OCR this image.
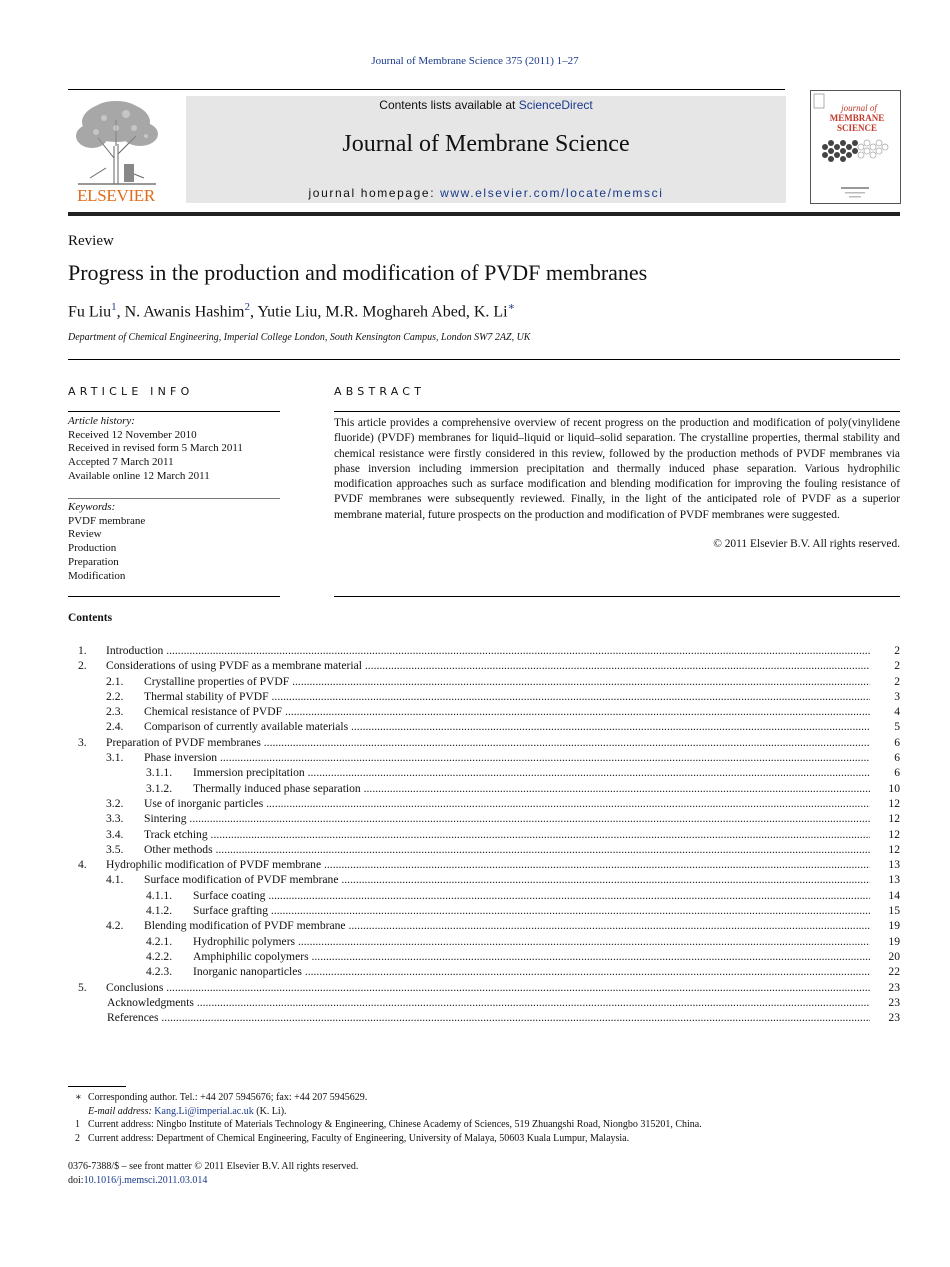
Journal of Membrane Science 375 (2011) 1–27
ELSEVIER
Contents lists available at ScienceDirect
Journal of Membrane Science
journal homepage: www.elsevier.com/locate/memsci
journal of
MEMBRANE
SCIENCE
Review
Progress in the production and modification of PVDF membranes
Fu Liu$^1$, N. Awanis Hashim$^2$, Yutie Liu, M.R. Moghareh Abed, K. Li∗
Department of Chemical Engineering, Imperial College London, South Kensington Campus, London SW7 2AZ, UK
ARTICLE INFO
Article history:
Received 12 November 2010
Received in revised form 5 March 2011
Accepted 7 March 2011
Available online 12 March 2011
Keywords:
PVDF membrane
Review
Production
Preparation
Modification
ABSTRACT
This article provides a comprehensive overview of recent progress on the production and modification of poly(vinylidene fluoride) (PVDF) membranes for liquid–liquid or liquid–solid separation. The crystalline properties, thermal stability and chemical resistance were firstly considered in this review, followed by the production methods of PVDF membranes via phase inversion including immersion precipitation and thermally induced phase separation. Various hydrophilic modification approaches such as surface modification and blending modification for improving the fouling resistance of PVDF membranes were subsequently reviewed. Finally, in the light of the anticipated role of PVDF as a superior membrane material, future prospects on the production and modification of PVDF membranes were suggested.
© 2011 Elsevier B.V. All rights reserved.
Contents
1. Introduction .....	2
2. Considerations of using PVDF as a membrane material .....	2
2.1. Crystalline properties of PVDF .....	2
2.2. Thermal stability of PVDF .....	3
2.3. Chemical resistance of PVDF .....	4
2.4. Comparison of currently available materials .....	5
3. Preparation of PVDF membranes .....	6
3.1. Phase inversion .....	6
3.1.1. Immersion precipitation .....	6
3.1.2. Thermally induced phase separation .....	10
3.2. Use of inorganic particles .....	12
3.3. Sintering .....	12
3.4. Track etching .....	12
3.5. Other methods .....	12
4. Hydrophilic modification of PVDF membrane .....	13
4.1. Surface modification of PVDF membrane .....	13
4.1.1. Surface coating .....	14
4.1.2. Surface grafting .....	15
4.2. Blending modification of PVDF membrane .....	19
4.2.1. Hydrophilic polymers .....	19
4.2.2. Amphiphilic copolymers .....	20
4.2.3. Inorganic nanoparticles .....	22
5. Conclusions .....	23
Acknowledgments .....	23
References .....	23
∗ Corresponding author. Tel.: +44 207 5945676; fax: +44 207 5945629.
E-mail address: Kang.Li@imperial.ac.uk (K. Li).
1 Current address: Ningbo Institute of Materials Technology & Engineering, Chinese Academy of Sciences, 519 Zhuangshi Road, Niongbo 315201, China.
2 Current address: Department of Chemical Engineering, Faculty of Engineering, University of Malaya, 50603 Kuala Lumpur, Malaysia.
0376-7388/$ – see front matter © 2011 Elsevier B.V. All rights reserved.
doi:10.1016/j.memsci.2011.03.014
